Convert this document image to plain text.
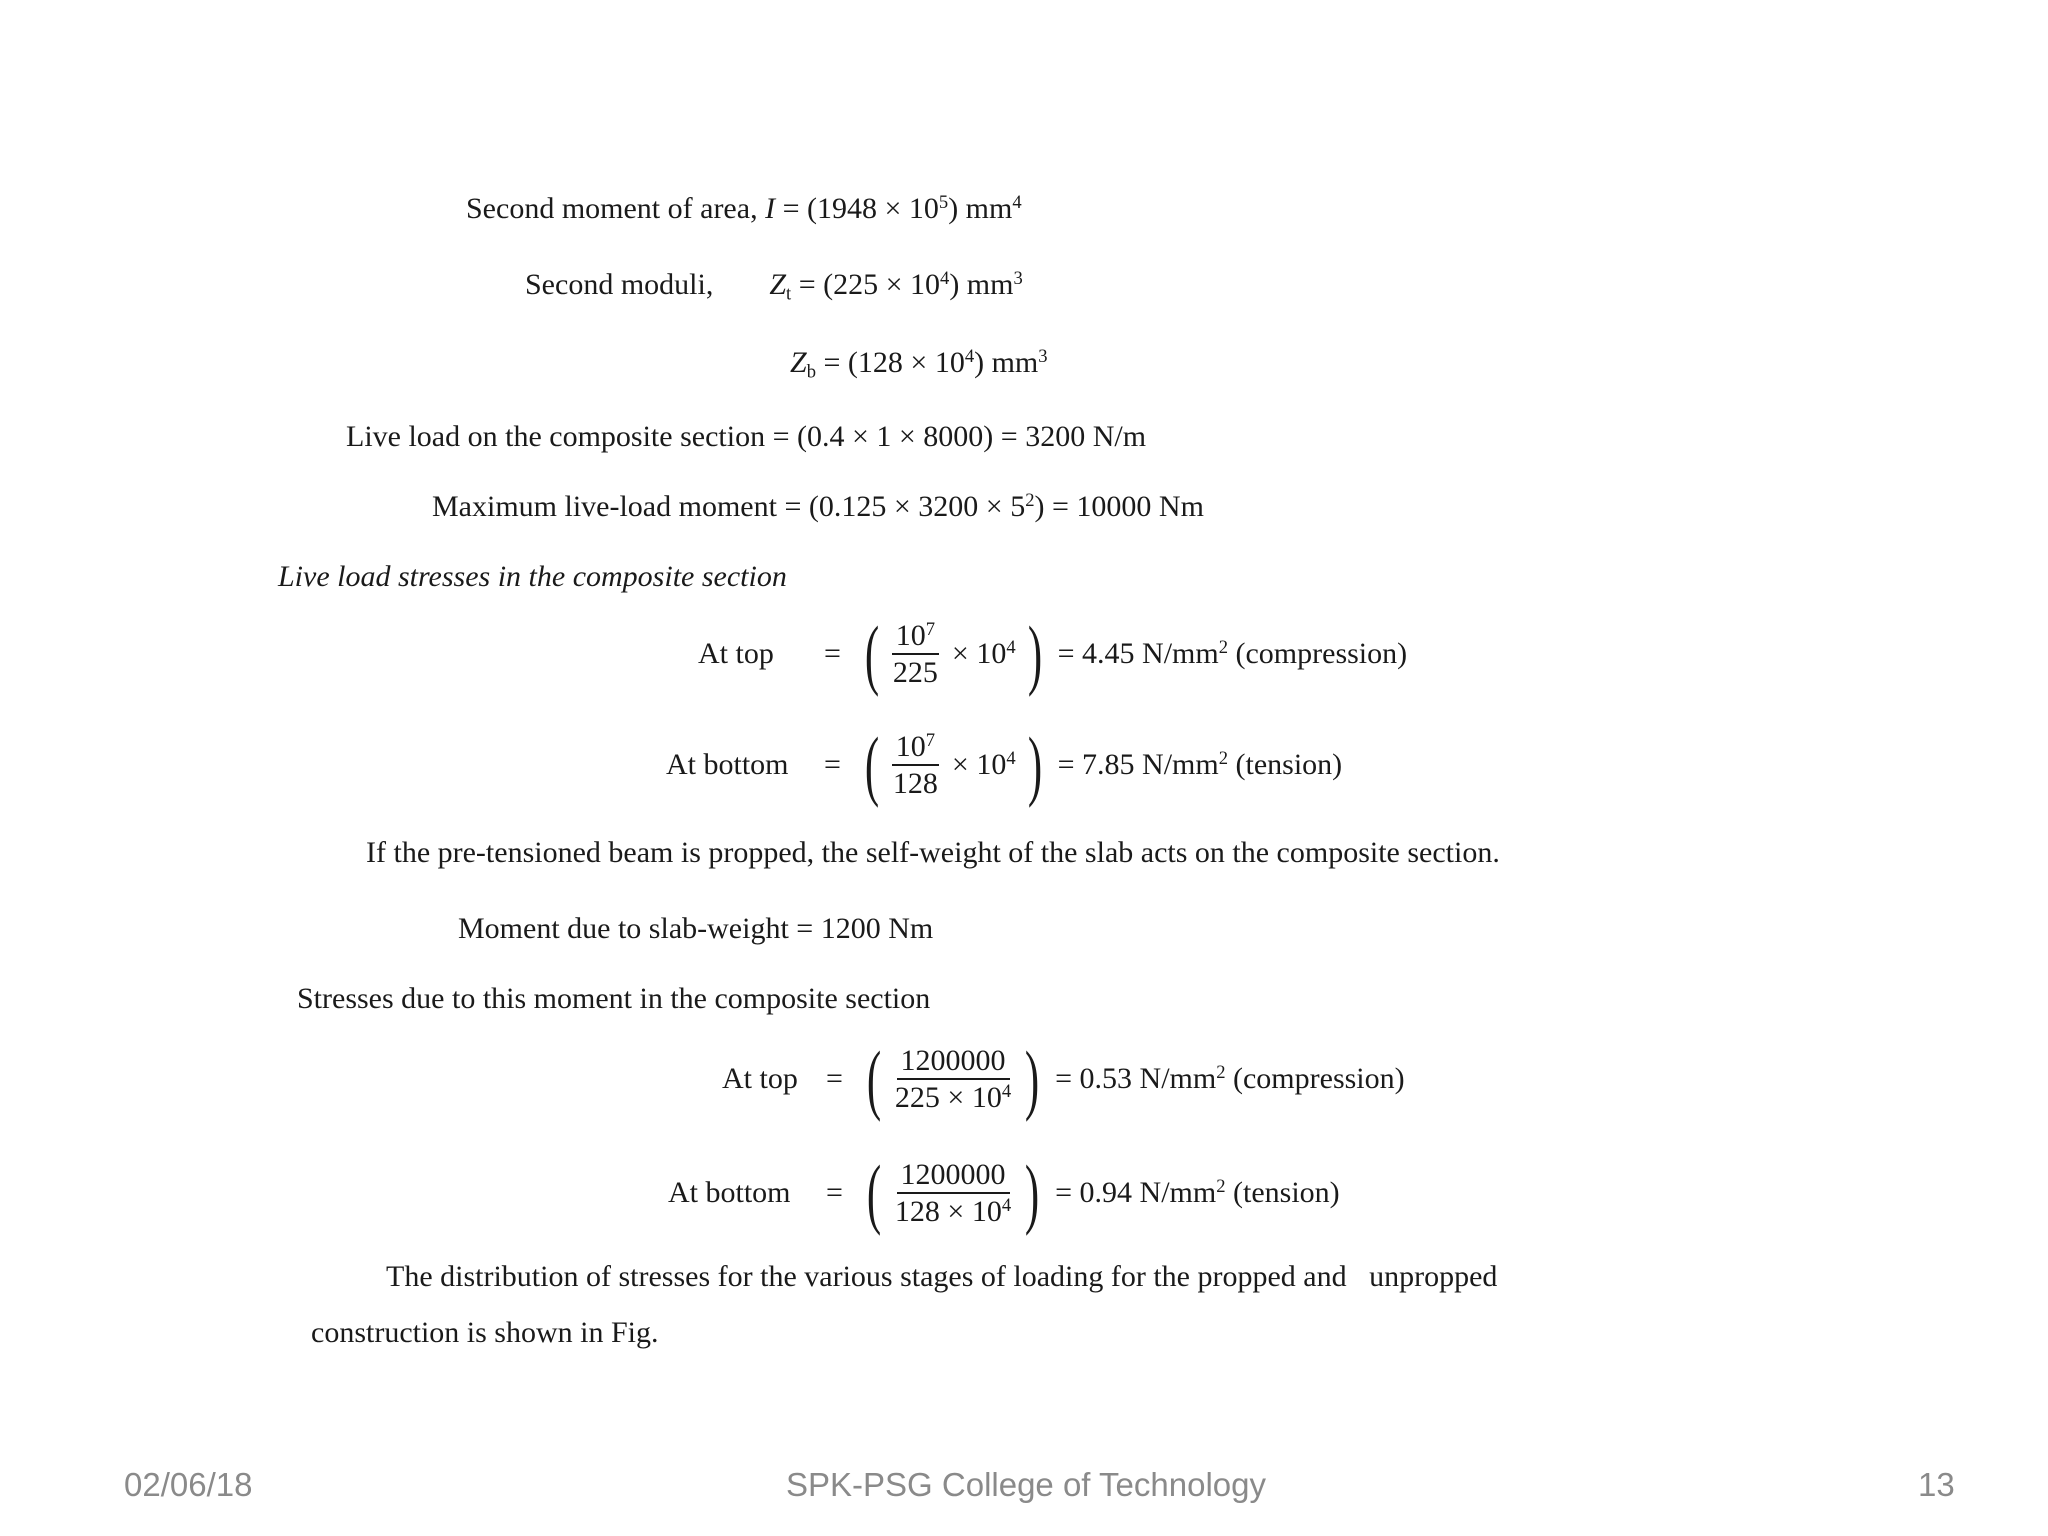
Second moment of area, $I = (1948 \times 10^5)$ $mm^4$
Second moduli, $Z_t = (225 \times 10^4)$ $mm^3$
$Z_b = (128 \times 10^4)$ $mm^3$
Live load on the composite section = (0.4 × 1 × 8000) = 3200 N/m
Maximum live-load moment = $(0.125 \times 3200 \times 5^2) = 10000$ Nm
Live load stresses in the composite section
At top	= ( $\frac{10^7}{225} \times 10^4$ ) = 4.45 $N/mm^2$ (compression)
At bottom	= ( $\frac{10^7}{128} \times 10^4$ ) = 7.85 $N/mm^2$ (tension)
If the pre-tensioned beam is propped, the self-weight of the slab acts on the composite section.
Moment due to slab-weight = 1200 Nm
Stresses due to this moment in the composite section
At top = ( $\frac{1200000}{225 \times 10^4}$ ) = 0.53 $N/mm^2$ (compression)
At bottom	= ( $\frac{1200000}{128 \times 10^4}$ ) = 0.94 $N/mm^2$ (tension)
The distribution of stresses for the various stages of loading for the propped and   unpropped
construction is shown in Fig.
02/06/18	SPK-PSG College of Technology	13
